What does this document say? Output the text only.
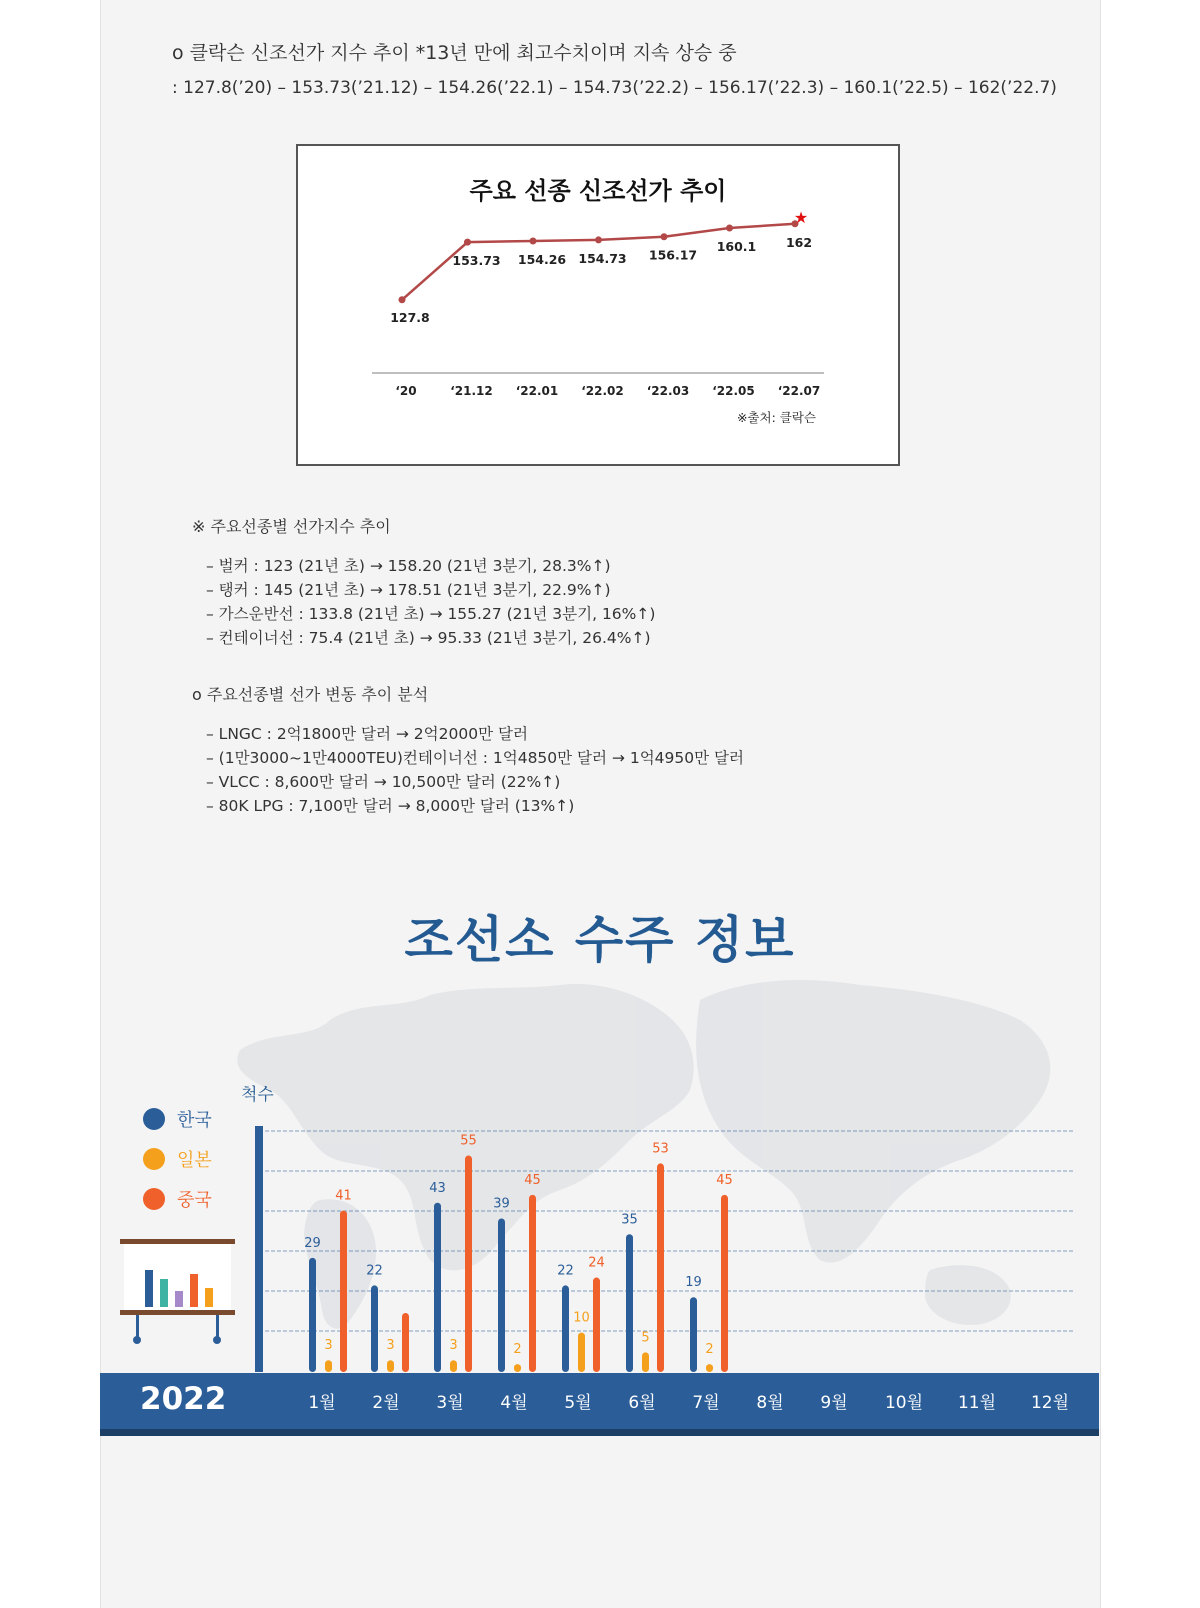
o 클락슨 신조선가 지수 추이 *13년 만에 최고수치이며 지속 상승 중
: 127.8(’20) – 153.73(’21.12) – 154.26(’22.1) – 154.73(’22.2) – 156.17(’22.3) – 160.1(’22.5) – 162(’22.7)
주요 선종 신조선가 추이
127.8
‘20
153.73
‘21.12
154.26
‘22.01
154.73
‘22.02
156.17
‘22.03
160.1
‘22.05
162
‘22.07
★
※출처: 클락슨
※ 주요선종별 선가지수 추이
– 벌커 : 123 (21년 초) → 158.20 (21년 3분기, 28.3%↑)
– 탱커 : 145 (21년 초) → 178.51 (21년 3분기, 22.9%↑)
– 가스운반선 : 133.8 (21년 초) → 155.27 (21년 3분기, 16%↑)
– 컨테이너선 : 75.4 (21년 초) → 95.33 (21년 3분기, 26.4%↑)
o 주요선종별 선가 변동 추이 분석
– LNGC : 2억1800만 달러 → 2억2000만 달러
– (1만3000~1만4000TEU)컨테이너선 : 1억4850만 달러 → 1억4950만 달러
– VLCC : 8,600만 달러 → 10,500만 달러 (22%↑)
– 80K LPG : 7,100만 달러 → 8,000만 달러 (13%↑)
조선소 수주 정보
29
22
43
39
22
35
19
3	3	3	2
10
5
2
41
55
45
24
53
45
척수
한국
일본
중국
2022	1월 2월 3월 4월 5월 6월 7월 8월 9월 10월 11월 12월
